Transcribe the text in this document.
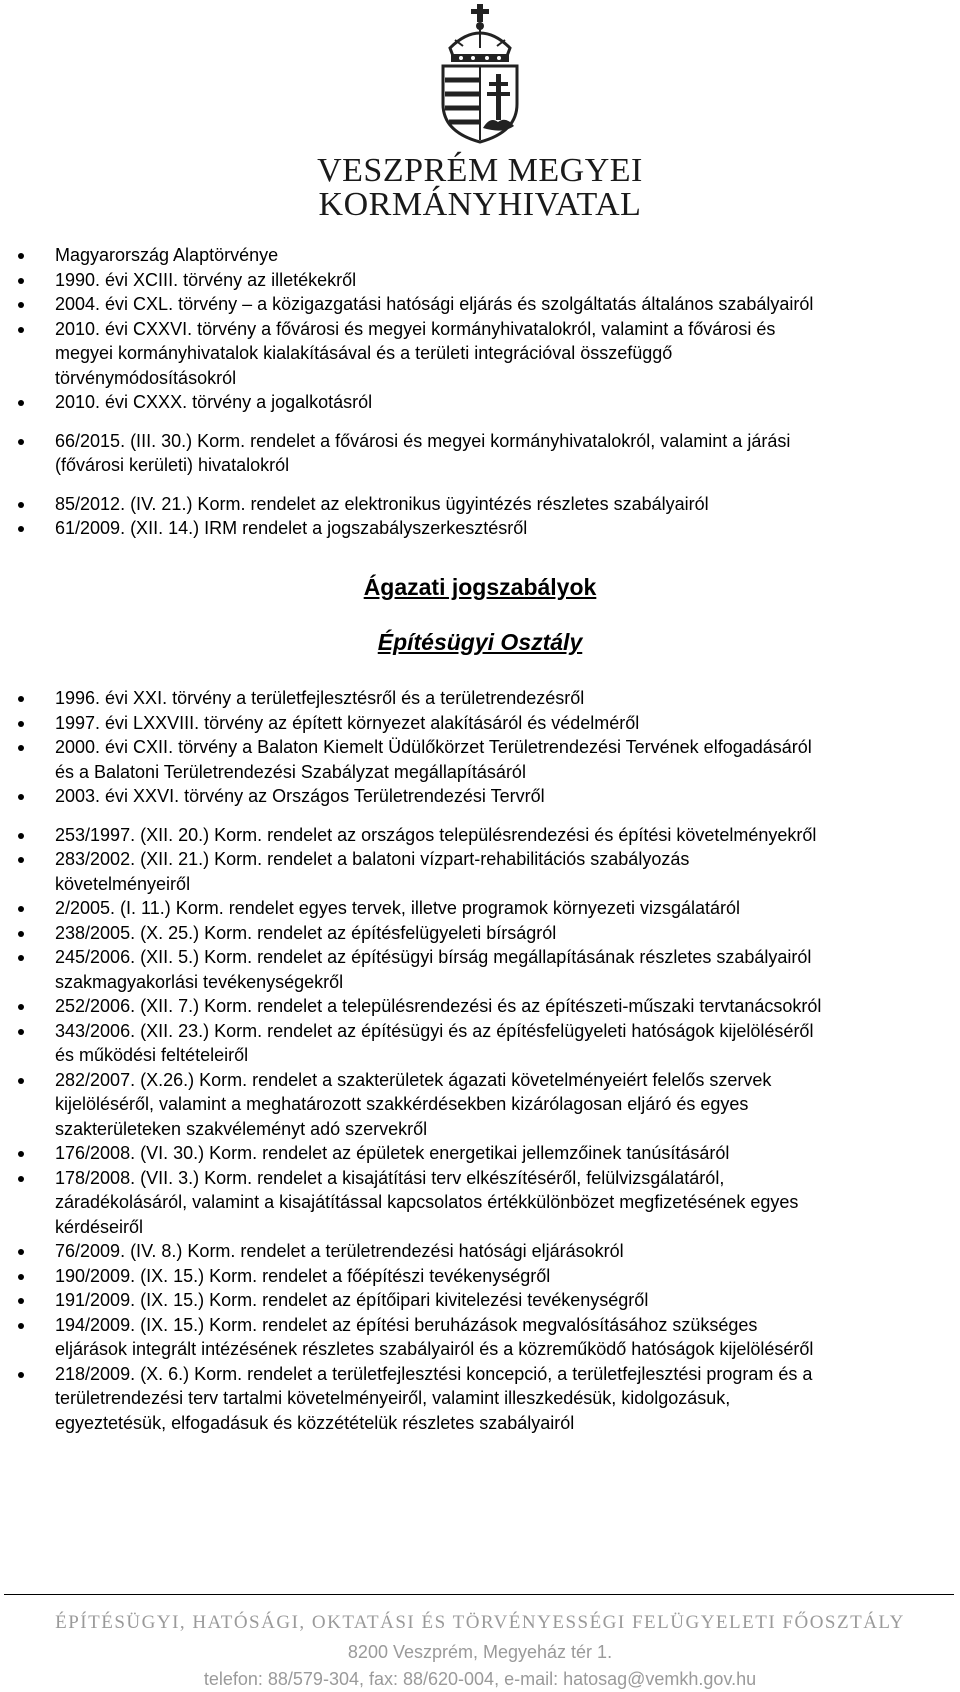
VESZPRÉM MEGYEI
KORMÁNYHIVATAL
Magyarország Alaptörvénye
1990. évi XCIII. törvény az illetékekről
2004. évi CXL. törvény – a közigazgatási hatósági eljárás és szolgáltatás általános szabályairól
2010. évi CXXVI. törvény a fővárosi és megyei kormányhivatalokról, valamint a fővárosi és
megyei kormányhivatalok kialakításával és a területi integrációval összefüggő
törvénymódosításokról
2010. évi CXXX. törvény a jogalkotásról
66/2015. (III. 30.) Korm. rendelet a fővárosi és megyei kormányhivatalokról, valamint a járási
(fővárosi kerületi) hivatalokról
85/2012. (IV. 21.) Korm. rendelet az elektronikus ügyintézés részletes szabályairól
61/2009. (XII. 14.) IRM rendelet a jogszabályszerkesztésről
Ágazati jogszabályok
Építésügyi Osztály
1996. évi XXI. törvény a területfejlesztésről és a területrendezésről
1997. évi LXXVIII. törvény az épített környezet alakításáról és védelméről
2000. évi CXII. törvény a Balaton Kiemelt Üdülőkörzet Területrendezési Tervének elfogadásáról
és a Balatoni Területrendezési Szabályzat megállapításáról
2003. évi XXVI. törvény az Országos Területrendezési Tervről
253/1997. (XII. 20.) Korm. rendelet az országos településrendezési és építési követelményekről
283/2002. (XII. 21.) Korm. rendelet a balatoni vízpart-rehabilitációs szabályozás
követelményeiről
2/2005. (I. 11.) Korm. rendelet egyes tervek, illetve programok környezeti vizsgálatáról
238/2005. (X. 25.) Korm. rendelet az építésfelügyeleti bírságról
245/2006. (XII. 5.) Korm. rendelet az építésügyi bírság megállapításának részletes szabályairól
szakmagyakorlási tevékenységekről
252/2006. (XII. 7.) Korm. rendelet a településrendezési és az építészeti-műszaki tervtanácsokról
343/2006. (XII. 23.) Korm. rendelet az építésügyi és az építésfelügyeleti hatóságok kijelöléséről
és működési feltételeiről
282/2007. (X.26.) Korm. rendelet a szakterületek ágazati követelményeiért felelős szervek
kijelöléséről, valamint a meghatározott szakkérdésekben kizárólagosan eljáró és egyes
szakterületeken szakvéleményt adó szervekről
176/2008. (VI. 30.) Korm. rendelet az épületek energetikai jellemzőinek tanúsításáról
178/2008. (VII. 3.) Korm. rendelet a kisajátítási terv elkészítéséről, felülvizsgálatáról,
záradékolásáról, valamint a kisajátítással kapcsolatos értékkülönbözet megfizetésének egyes
kérdéseiről
76/2009. (IV. 8.) Korm. rendelet a területrendezési hatósági eljárásokról
190/2009. (IX. 15.) Korm. rendelet a főépítészi tevékenységről
191/2009. (IX. 15.) Korm. rendelet az építőipari kivitelezési tevékenységről
194/2009. (IX. 15.) Korm. rendelet az építési beruházások megvalósításához szükséges
eljárások integrált intézésének részletes szabályairól és a közreműködő hatóságok kijelöléséről
218/2009. (X. 6.) Korm. rendelet a területfejlesztési koncepció, a területfejlesztési program és a
területrendezési terv tartalmi követelményeiről, valamint illeszkedésük, kidolgozásuk,
egyeztetésük, elfogadásuk és közzétételük részletes szabályairól
ÉPÍTÉSÜGYI, HATÓSÁGI, OKTATÁSI ÉS TÖRVÉNYESSÉGI FELÜGYELETI FŐOSZTÁLY
8200 Veszprém, Megyeház tér 1.
telefon: 88/579-304, fax: 88/620-004, e-mail: hatosag@vemkh.gov.hu
